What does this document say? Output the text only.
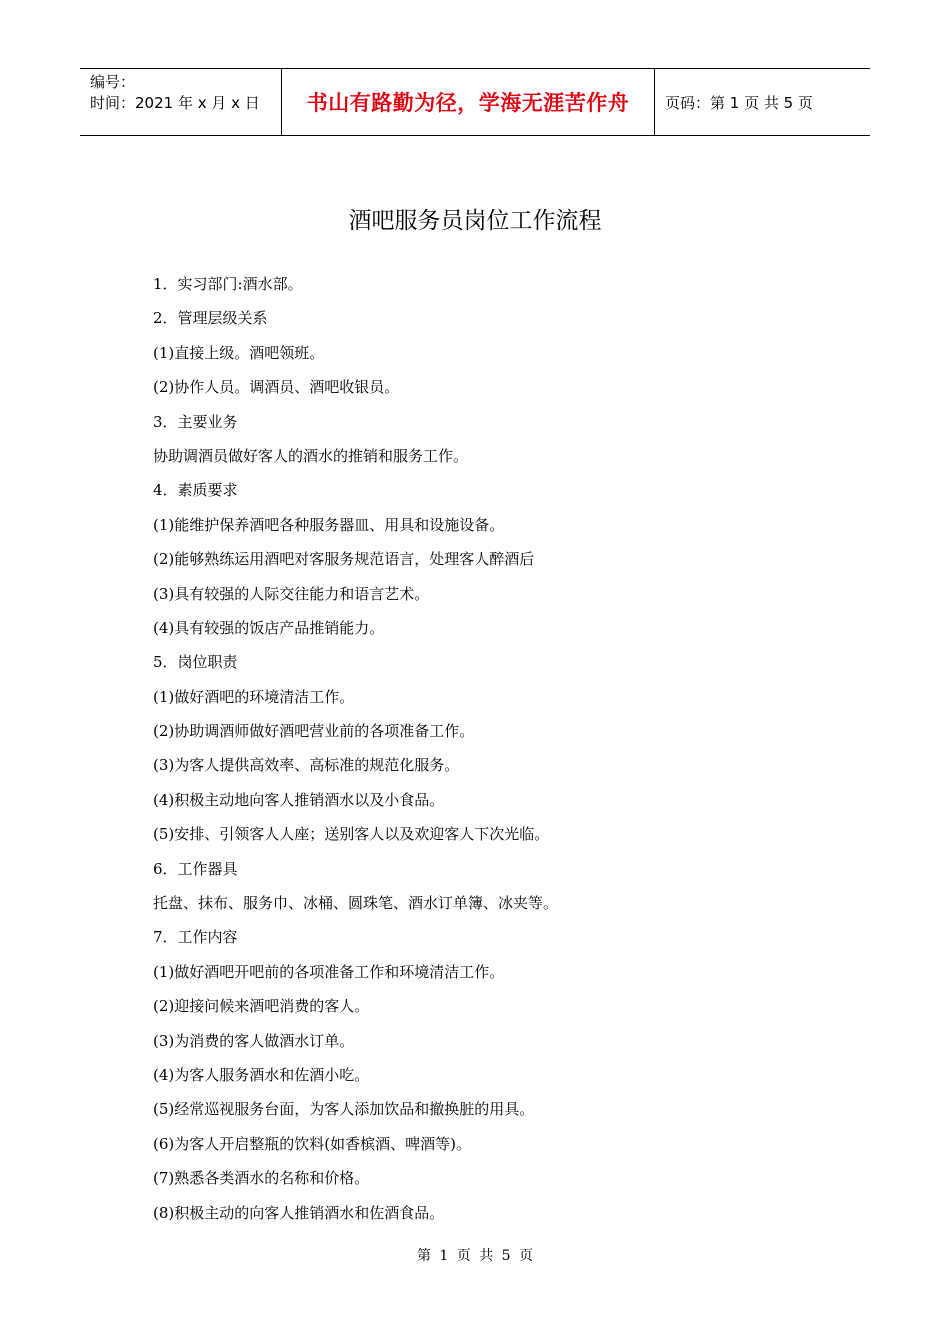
编号：
时间：2021 年 x 月 x 日	书山有路勤为径，学海无涯苦作舟	页码：第 1 页 共 5 页
酒吧服务员岗位工作流程
1．实习部门:酒水部。
2．管理层级关系
(1)直接上级。酒吧领班。
(2)协作人员。调酒员、酒吧收银员。
3．主要业务
协助调酒员做好客人的酒水的推销和服务工作。
4．素质要求
(1)能维护保养酒吧各种服务器皿、用具和设施设备。
(2)能够熟练运用酒吧对客服务规范语言，处理客人醉酒后
(3)具有较强的人际交往能力和语言艺术。
(4)具有较强的饭店产品推销能力。
5．岗位职责
(1)做好酒吧的环境清洁工作。
(2)协助调酒师做好酒吧营业前的各项准备工作。
(3)为客人提供高效率、高标准的规范化服务。
(4)积极主动地向客人推销酒水以及小食品。
(5)安排、引领客人人座；送别客人以及欢迎客人下次光临。
6．工作器具
托盘、抹布、服务巾、冰桶、圆珠笔、酒水订单簿、冰夹等。
7．工作内容
(1)做好酒吧开吧前的各项准备工作和环境清洁工作。
(2)迎接问候来酒吧消费的客人。
(3)为消费的客人做酒水订单。
(4)为客人服务酒水和佐酒小吃。
(5)经常巡视服务台面，为客人添加饮品和撤换脏的用具。
(6)为客人开启整瓶的饮料(如香槟酒、啤酒等)。
(7)熟悉各类酒水的名称和价格。
(8)积极主动的向客人推销酒水和佐酒食品。
第 1 页 共 5 页
